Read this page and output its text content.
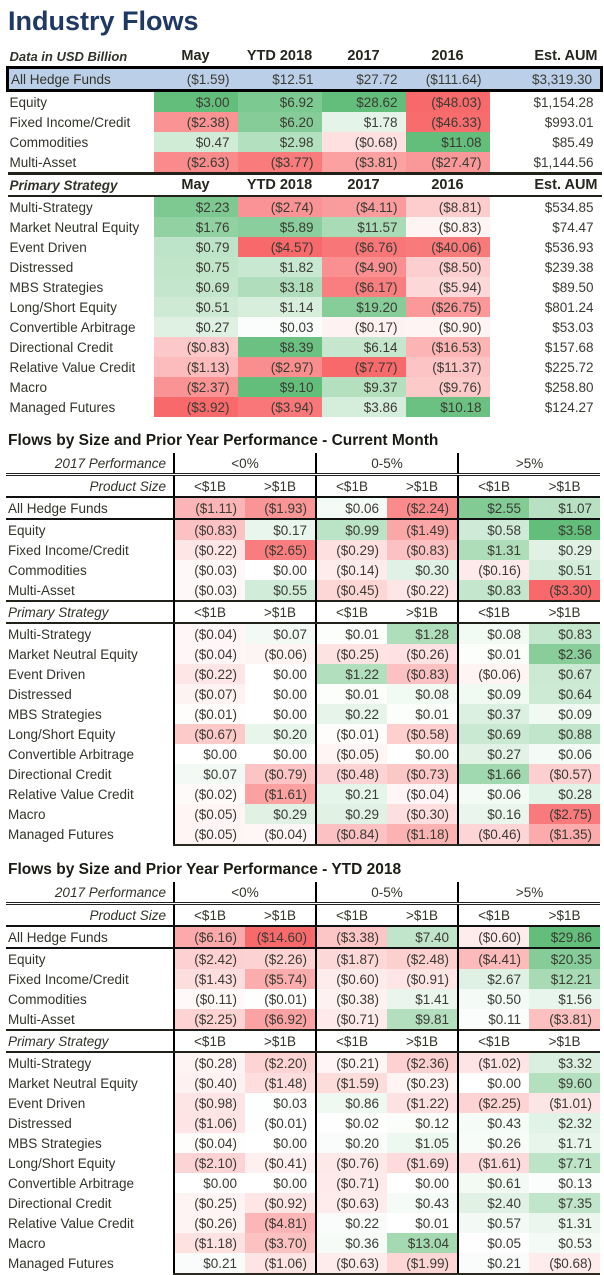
Industry Flows
Data in USD Billion	May	YTD 2018	2017	2016	Est. AUM
All Hedge Funds	($1.59)	$12.51	$27.72	($111.64)	$3,319.30
Equity	$3.00	$6.92	$28.62	($48.03)	$1,154.28
Fixed Income/Credit	($2.38)	$6.20	$1.78	($46.33)	$993.01
Commodities	$0.47	$2.98	($0.68)	$11.08	$85.49
Multi-Asset	($2.63)	($3.77)	($3.81)	($27.47)	$1,144.56
Primary Strategy	May	YTD 2018	2017	2016	Est. AUM
Multi-Strategy	$2.23	($2.74)	($4.11)	($8.81)	$534.85
Market Neutral Equity	$1.76	$5.89	$11.57	($0.83)	$74.47
Event Driven	$0.79	($4.57)	($6.76)	($40.06)	$536.93
Distressed	$0.75	$1.82	($4.90)	($8.50)	$239.38
MBS Strategies	$0.69	$3.18	($6.17)	($5.94)	$89.50
Long/Short Equity	$0.51	$1.14	$19.20	($26.75)	$801.24
Convertible Arbitrage	$0.27	$0.03	($0.17)	($0.90)	$53.03
Directional Credit	($0.83)	$8.39	$6.14	($16.53)	$157.68
Relative Value Credit	($1.13)	($2.97)	($7.77)	($11.37)	$225.72
Macro	($2.37)	$9.10	$9.37	($9.76)	$258.80
Managed Futures	($3.92)	($3.94)	$3.86	$10.18	$124.27
Flows by Size and Prior Year Performance - Current Month
2017 Performance	<0%		0-5%		>5%	
Product Size	<$1B	>$1B	<$1B	>$1B	<$1B	>$1B
All Hedge Funds	($1.11)	($1.93)	$0.06	($2.24)	$2.55	$1.07
Equity	($0.83)	$0.17	$0.99	($1.49)	$0.58	$3.58
Fixed Income/Credit	($0.22)	($2.65)	($0.29)	($0.83)	$1.31	$0.29
Commodities	($0.03)	$0.00	($0.14)	$0.30	($0.16)	$0.51
Multi-Asset	($0.03)	$0.55	($0.45)	($0.22)	$0.83	($3.30)
Primary Strategy	<$1B	>$1B	<$1B	>$1B	<$1B	>$1B
Multi-Strategy	($0.04)	$0.07	$0.01	$1.28	$0.08	$0.83
Market Neutral Equity	($0.04)	($0.06)	($0.25)	($0.26)	$0.01	$2.36
Event Driven	($0.22)	$0.00	$1.22	($0.83)	($0.06)	$0.67
Distressed	($0.07)	$0.00	$0.01	$0.08	$0.09	$0.64
MBS Strategies	($0.01)	$0.00	$0.22	$0.01	$0.37	$0.09
Long/Short Equity	($0.67)	$0.20	($0.01)	($0.58)	$0.69	$0.88
Convertible Arbitrage	$0.00	$0.00	($0.05)	$0.00	$0.27	$0.06
Directional Credit	$0.07	($0.79)	($0.48)	($0.73)	$1.66	($0.57)
Relative Value Credit	($0.02)	($1.61)	$0.21	($0.04)	$0.06	$0.28
Macro	($0.05)	$0.29	$0.29	($0.30)	$0.16	($2.75)
Managed Futures	($0.05)	($0.04)	($0.84)	($1.18)	($0.46)	($1.35)
Flows by Size and Prior Year Performance - YTD 2018
2017 Performance	<0%		0-5%		>5%	
Product Size	<$1B	>$1B	<$1B	>$1B	<$1B	>$1B
All Hedge Funds	($6.16)	($14.60)	($3.38)	$7.40	($0.60)	$29.86
Equity	($2.42)	($2.26)	($1.87)	($2.48)	($4.41)	$20.35
Fixed Income/Credit	($1.43)	($5.74)	($0.60)	($0.91)	$2.67	$12.21
Commodities	($0.11)	($0.01)	($0.38)	$1.41	$0.50	$1.56
Multi-Asset	($2.25)	($6.92)	($0.71)	$9.81	$0.11	($3.81)
Primary Strategy	<$1B	>$1B	<$1B	>$1B	<$1B	>$1B
Multi-Strategy	($0.28)	($2.20)	($0.21)	($2.36)	($1.02)	$3.32
Market Neutral Equity	($0.40)	($1.48)	($1.59)	($0.23)	$0.00	$9.60
Event Driven	($0.98)	$0.03	$0.86	($1.22)	($2.25)	($1.01)
Distressed	($1.06)	($0.01)	$0.02	$0.12	$0.43	$2.32
MBS Strategies	($0.04)	$0.00	$0.20	$1.05	$0.26	$1.71
Long/Short Equity	($2.10)	($0.41)	($0.76)	($1.69)	($1.61)	$7.71
Convertible Arbitrage	$0.00	$0.00	($0.71)	$0.00	$0.61	$0.13
Directional Credit	($0.25)	($0.92)	($0.63)	$0.43	$2.40	$7.35
Relative Value Credit	($0.26)	($4.81)	$0.22	$0.01	$0.57	$1.31
Macro	($1.18)	($3.70)	$0.36	$13.04	$0.05	$0.53
Managed Futures	$0.21	($1.06)	($0.63)	($1.99)	$0.21	($0.68)
